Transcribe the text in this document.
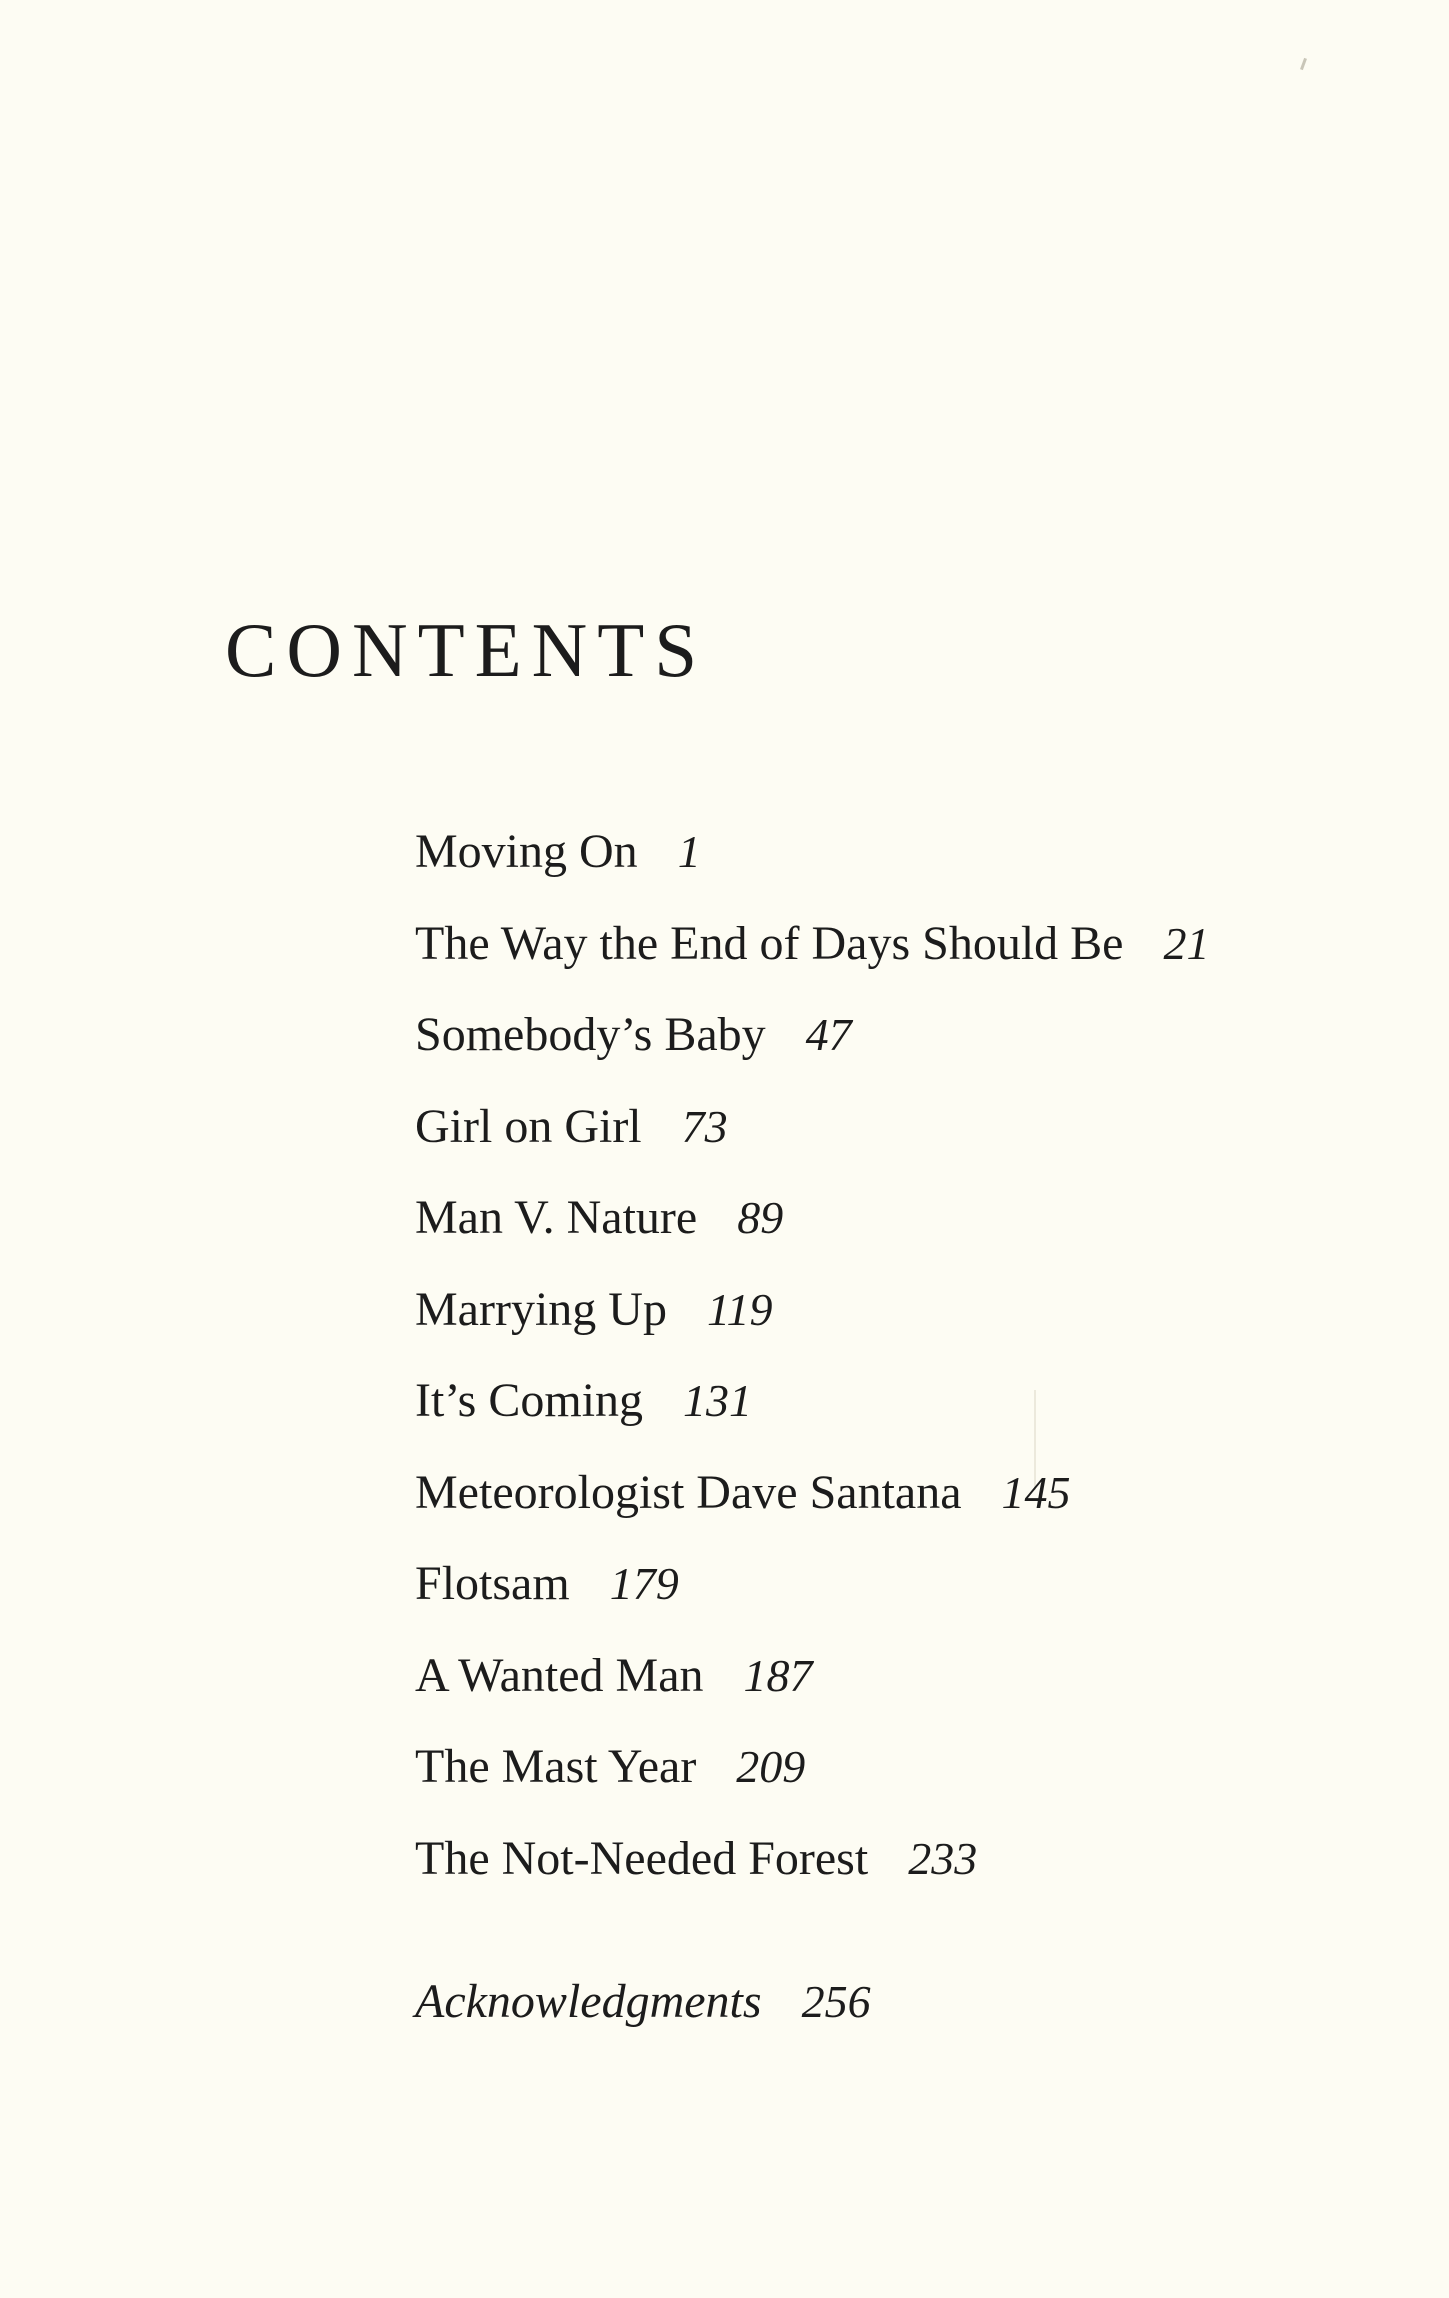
CONTENTS
Moving On 1
The Way the End of Days Should Be 21
Somebody’s Baby 47
Girl on Girl 73
Man V. Nature 89
Marrying Up 119
It’s Coming 131
Meteorologist Dave Santana 145
Flotsam 179
A Wanted Man 187
The Mast Year 209
The Not-Needed Forest 233
Acknowledgments 256
